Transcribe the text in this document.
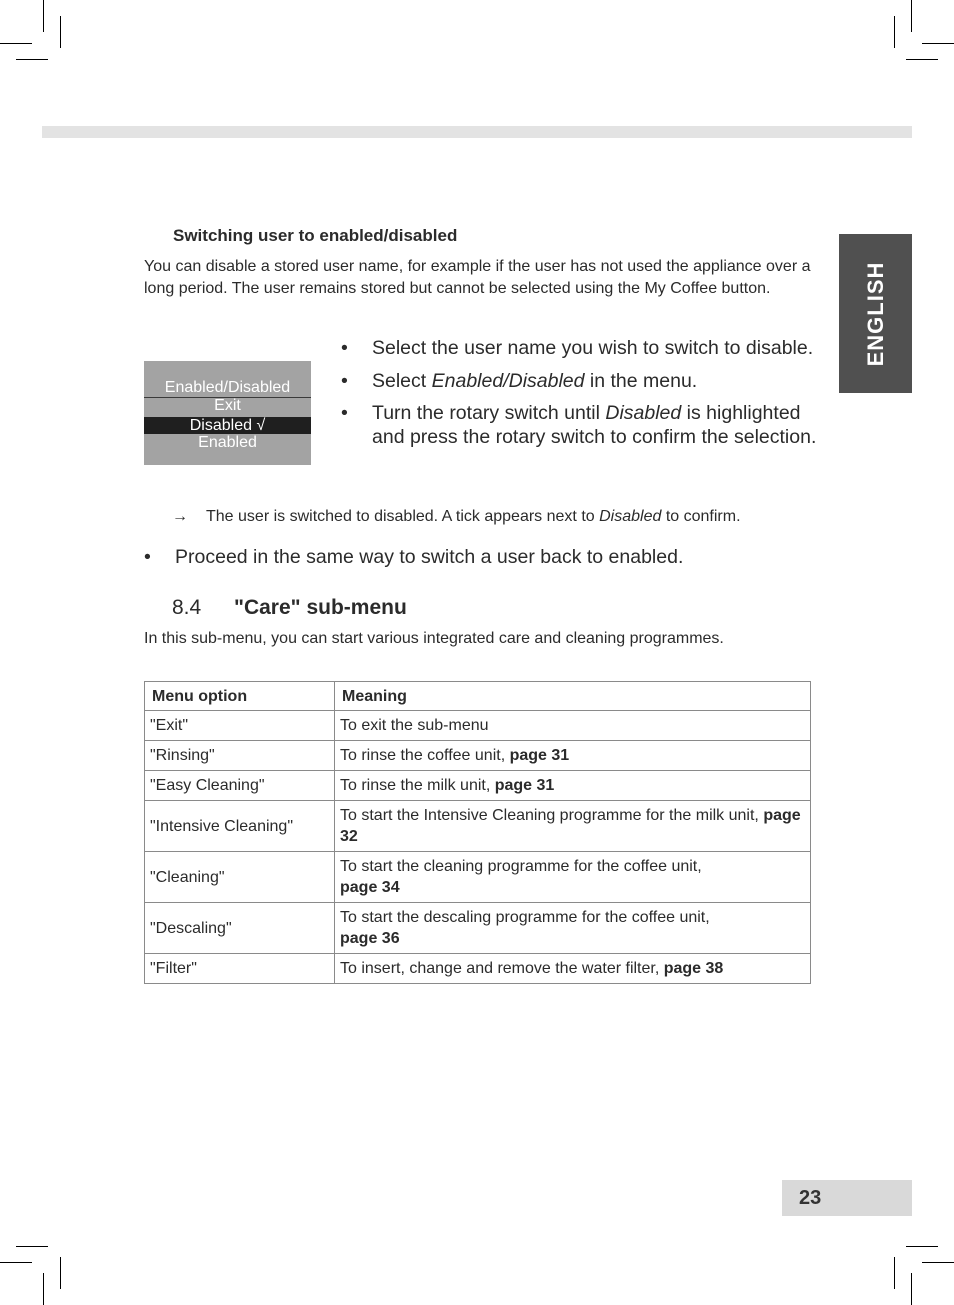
ENGLISH
Switching user to enabled/disabled
You can disable a stored user name, for example if the user has not used the appliance over a long period. The user remains stored but cannot be selected using the My Coffee button.
Enabled/Disabled
Exit
Disabled √
Enabled
• Select the user name you wish to switch to disable.
• Select Enabled/Disabled in the menu.
• Turn the rotary switch until Disabled is highlighted and press the rotary switch to confirm the selection.
→ The user is switched to disabled. A tick appears next to Disabled to confirm.
• Proceed in the same way to switch a user back to enabled.
8.4 "Care" sub-menu
In this sub-menu, you can start various integrated care and cleaning programmes.
Menu option	Meaning
"Exit"	To exit the sub-menu
"Rinsing"	To rinse the coffee unit, page 31
"Easy Cleaning"	To rinse the milk unit, page 31
"Intensive Cleaning"	To start the Intensive Cleaning programme for the milk unit, page 32
"Cleaning"	To start the cleaning programme for the coffee unit,
page 34
"Descaling"	To start the descaling programme for the coffee unit,
page 36
"Filter"	To insert, change and remove the water filter, page 38
23
